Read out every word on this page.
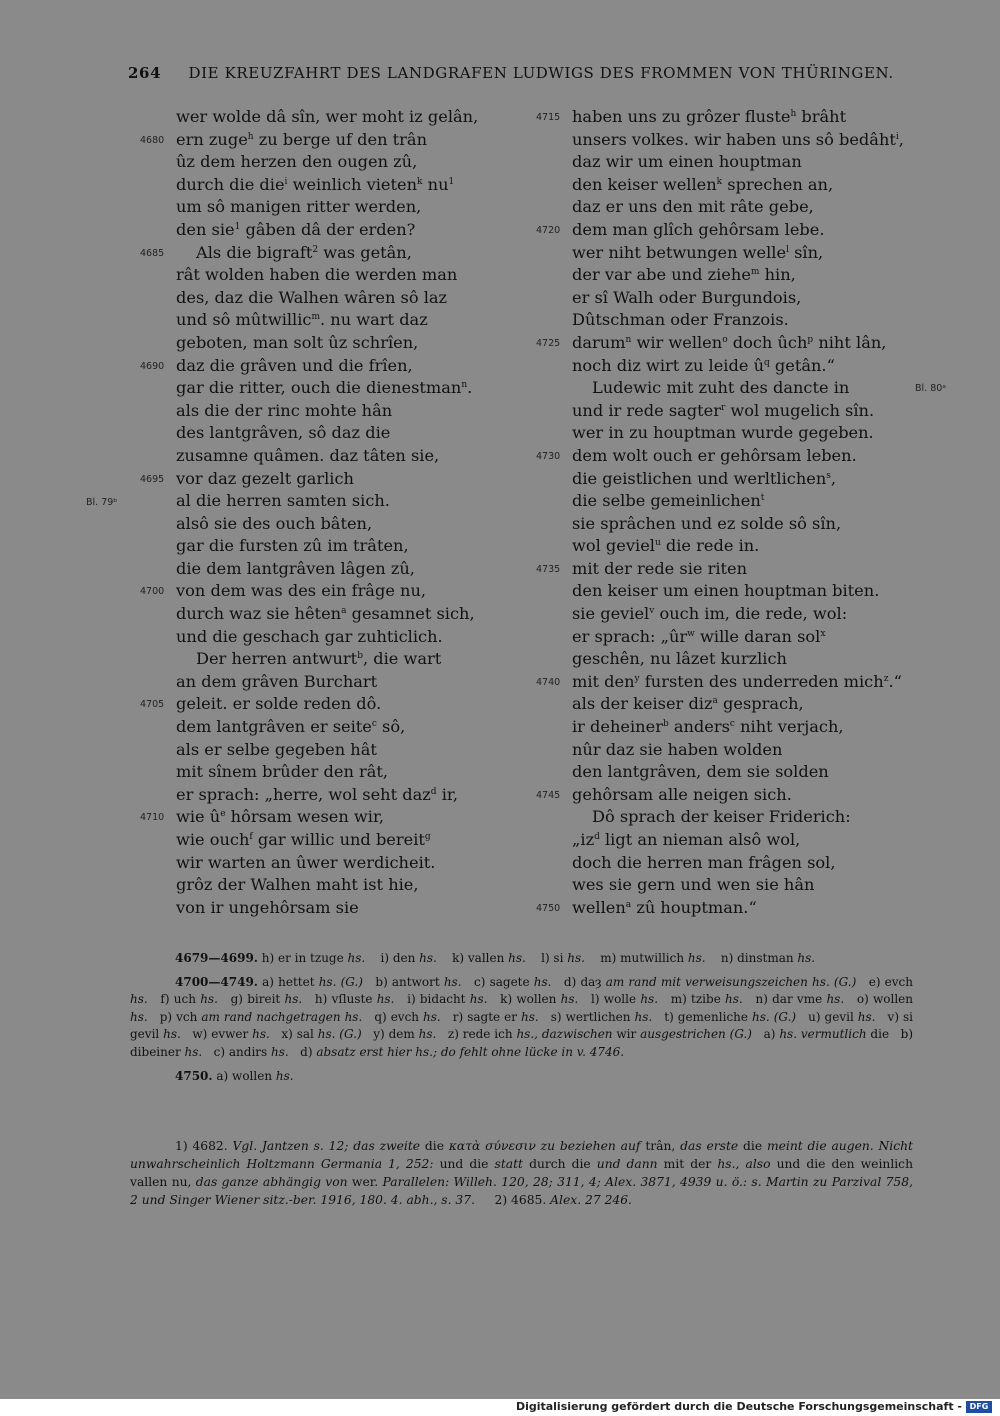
264 DIE KREUZFAHRT DES LANDGRAFEN LUDWIGS DES FROMMEN VON THÜRINGEN.
wer wolde dâ sîn, wer moht iz gelân,
4680 ern zuge$^h$ zu berge uf den trân
ûz dem herzen den ougen zû,
durch die die$^i$ weinlich vieten$^k$ $nu^1$
um sô manigen ritter werden,
den sie$^1$ gâben dâ der erden?
4685 Als die bigraft$^2$ was getân,
rât wolden haben die werden man
des, daz die Walhen wâren sô laz
und sô mûtwillic$^m$. nu wart daz
geboten, man solt ûz schrîen,
4690 daz die grâven und die frîen,
gar die ritter, ouch die dienestman$^n$.
als die der rinc mohte hân
des lantgrâven, sô daz die
zusamne quâmen. daz tâten sie,
4695 vor daz gezelt garlich
al die herren samten sich.
alsô sie des ouch bâten,
gar die fursten zû im trâten,
die dem lantgrâven lâgen zû,
4700 von dem was des ein frâge nu,
durch waz sie hêten$^a$ gesamnet sich,
und die geschach gar zuhticlich.
Der herren antwurt$^b$, die wart
an dem grâven Burchart
4705 geleit. er solde reden dô.
dem lantgrâven er seite$^c$ sô,
als er selbe gegeben hât
mit sînem brûder den rât,
er sprach: „herre, wol seht daz$^d$ ir,
4710 wie $û^e$ hôrsam wesen wir,
wie ouch$^f$ gar willic und bereit$^g$
wir warten an ûwer werdicheit.
grôz der Walhen maht ist hie,
von ir ungehôrsam sie
4715 haben uns zu grôzer fluste$^h$ brâht
unsers volkes. wir haben uns sô bedâht$^i$,
daz wir um einen houptman
den keiser wellen$^k$ sprechen an,
daz er uns den mit râte gebe,
4720 dem man glîch gehôrsam lebe.
wer niht betwungen welle$^l$ sîn,
der var abe und ziehe$^m$ hin,
er sî Walh oder Burgundois,
Dûtschman oder Franzois.
4725 darum$^n$ wir wellen$^o$ doch ûch$^p$ niht lân,
noch diz wirt zu leide $û^q$ getân.“
Ludewic mit zuht des dancte in
und ir rede sagter$^r$ wol mugelich sîn.
wer in zu houptman wurde gegeben.
4730 dem wolt ouch er gehôrsam leben.
die geistlichen und werltlichen$^s$,
die selbe gemeinlichen$^t$
sie sprâchen und ez solde sô sîn,
wol geviel$^u$ die rede in.
4735 mit der rede sie riten
den keiser um einen houptman biten.
sie geviel$^v$ ouch im, die rede, wol:
er sprach: $„ûr^w$ wille daran sol$^x$
geschên, nu lâzet kurzlich
4740 mit den$^y$ fursten des underreden mich$^z$.“
als der keiser diz$^a$ gesprach,
ir deheiner$^b$ anders$^c$ niht verjach,
nûr daz sie haben wolden
den lantgrâven, dem sie solden
4745 gehôrsam alle neigen sich.
Dô sprach der keiser Friderich:
$„iz^d$ ligt an nieman alsô wol,
doch die herren man frâgen sol,
wes sie gern und wen sie hân
4750 wellen$^a$ zû houptman.“
Bl. 79ᵇ
Bl. 80ᵃ

4679—4699. h) er in tzuge hs.    i) den hs.    k) vallen hs.    l) si hs.    m) mutwillich hs.    n) dinstman hs.

4700—4749. a) hettet hs. (G.)   b) antwort hs.   c) sagete hs.   d) daȝ am rand mit verweisungszeichen hs. (G.)   e) evch hs.   f) uch hs.   g) bireit hs.   h) vſluste hs.   i) bidacht hs.   k) wollen hs.   l) wolle hs.   m) tzibe hs.   n) dar vme hs.   o) wollen hs.   p) vch am rand nachgetragen hs.   q) evch hs.   r) sagte er hs.   s) wertlichen hs.   t) gemenliche hs. (G.)   u) gevil hs.   v) si gevil hs.   w) evwer hs.   x) sal hs. (G.)   y) dem hs.   z) rede ich hs., dazwischen wir ausgestrichen (G.)   a) hs. vermutlich die   b) dibeiner hs.   c) andirs hs.   d) absatz erst hier hs.; do fehlt ohne lücke in v. 4746.

4750. a) wollen hs.

1) 4682. Vgl. Jantzen s. 12; das zweite die κατὰ σύνεσιν zu beziehen auf trân, das erste die meint die augen. Nicht unwahrscheinlich Holtzmann Germania 1, 252: und die statt durch die und dann mit der hs., also und die den weinlich vallen nu, das ganze abhängig von wer. Parallelen: Willeh. 120, 28; 311, 4; Alex. 3871, 4939 u. ö.: s. Martin zu Parzival 758, 2 und Singer Wiener sitz.-ber. 1916, 180. 4. abh., s. 37.     2) 4685. Alex. 27 246.

Digitalisierung gefördert durch die Deutsche Forschungsgemeinschaft - DFG
